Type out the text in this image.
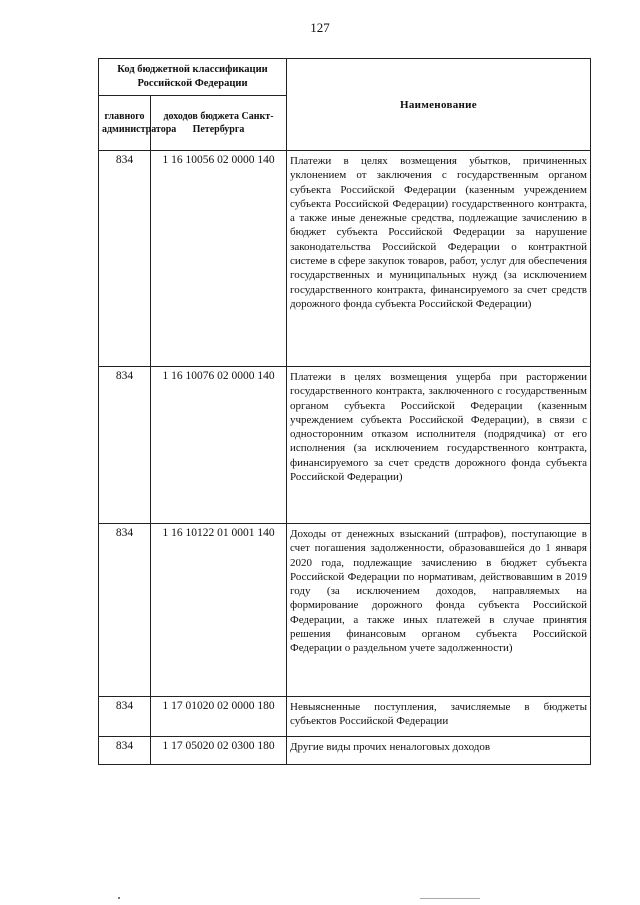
127
Код бюджетной классификации Российской Федерации		Наименование
главного администратора	доходов бюджета Санкт-Петербурга	
834	1 16 10056 02 0000 140	Платежи в целях возмещения убытков, причиненных уклонением от заключения с государственным органом субъекта Российской Федерации (казенным учреждением субъекта Российской Федерации) государственного контракта, а также иные денежные средства, подлежащие зачислению в бюджет субъекта Российской Федерации за нарушение законодательства Российской Федерации о контрактной системе в сфере закупок товаров, работ, услуг для обеспечения государственных и муниципальных нужд (за исключением государственного контракта, финансируемого за счет средств дорожного фонда субъекта Российской Федерации)
834	1 16 10076 02 0000 140	Платежи в целях возмещения ущерба при расторжении государственного контракта, заключенного с государственным органом субъекта Российской Федерации (казенным учреждением субъекта Российской Федерации), в связи с односторонним отказом исполнителя (подрядчика) от его исполнения (за исключением государственного контракта, финансируемого за счет средств дорожного фонда субъекта Российской Федерации)
834	1 16 10122 01 0001 140	Доходы от денежных взысканий (штрафов), поступающие в счет погашения задолженности, образовавшейся до 1 января 2020 года, подлежащие зачислению в бюджет субъекта Российской Федерации по нормативам, действовавшим в 2019 году (за исключением доходов, направляемых на формирование дорожного фонда субъекта Российской Федерации, а также иных платежей в случае принятия решения финансовым органом субъекта Российской Федерации о раздельном учете задолженности)
834	1 17 01020 02 0000 180	Невыясненные поступления, зачисляемые в бюджеты субъектов Российской Федерации
834	1 17 05020 02 0300 180	Другие виды прочих неналоговых доходов
